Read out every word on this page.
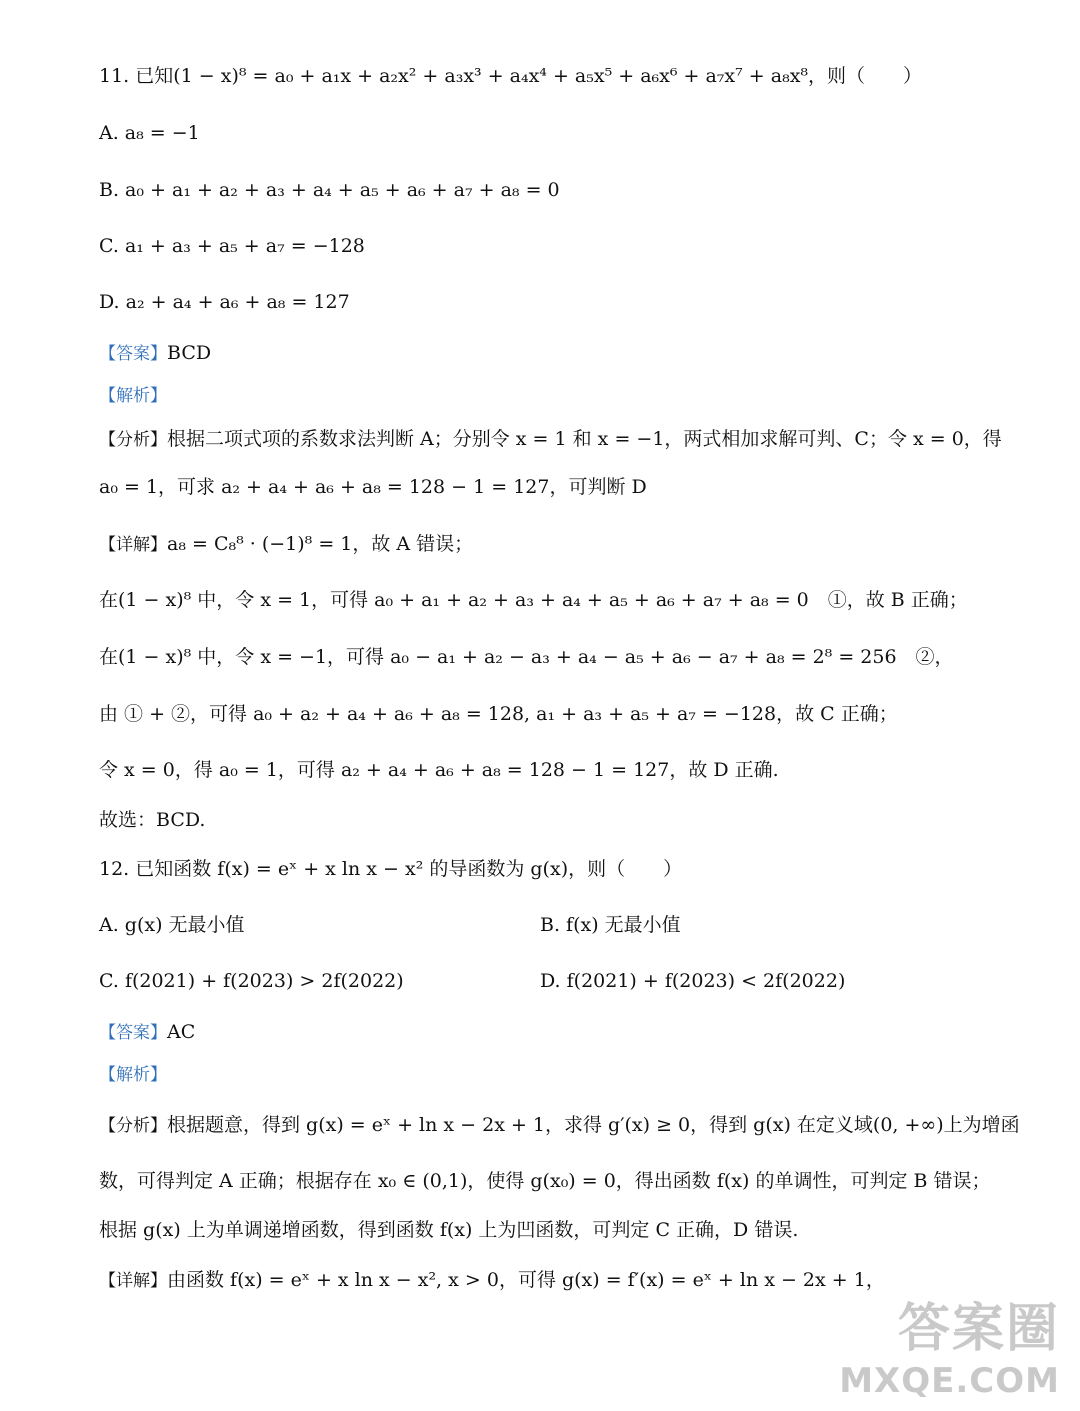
11. 已知(1 − x)⁸ = a₀ + a₁x + a₂x² + a₃x³ + a₄x⁴ + a₅x⁵ + a₆x⁶ + a₇x⁷ + a₈x⁸，则（　　）
A. a₈ = −1
B. a₀ + a₁ + a₂ + a₃ + a₄ + a₅ + a₆ + a₇ + a₈ = 0
C. a₁ + a₃ + a₅ + a₇ = −128
D. a₂ + a₄ + a₆ + a₈ = 127
【答案】BCD
【解析】
【分析】根据二项式项的系数求法判断 A；分别令 x = 1 和 x = −1，两式相加求解可判、C；令 x = 0，得
a₀ = 1，可求 a₂ + a₄ + a₆ + a₈ = 128 − 1 = 127，可判断 D
【详解】a₈ = C₈⁸ · (−1)⁸ = 1，故 A 错误；
在(1 − x)⁸ 中，令 x = 1，可得 a₀ + a₁ + a₂ + a₃ + a₄ + a₅ + a₆ + a₇ + a₈ = 0　①，故 B 正确；
在(1 − x)⁸ 中，令 x = −1，可得 a₀ − a₁ + a₂ − a₃ + a₄ − a₅ + a₆ − a₇ + a₈ = 2⁸ = 256　②，
由 ① + ②，可得 a₀ + a₂ + a₄ + a₆ + a₈ = 128, a₁ + a₃ + a₅ + a₇ = −128，故 C 正确；
令 x = 0，得 a₀ = 1，可得 a₂ + a₄ + a₆ + a₈ = 128 − 1 = 127，故 D 正确.
故选：BCD.
12. 已知函数 f(x) = eˣ + x ln x − x² 的导函数为 g(x)，则（　　）
A. g(x) 无最小值	B. f(x) 无最小值
C. f(2021) + f(2023) > 2f(2022)	D. f(2021) + f(2023) < 2f(2022)
【答案】AC
【解析】
【分析】根据题意，得到 g(x) = eˣ + ln x − 2x + 1，求得 g′(x) ≥ 0，得到 g(x) 在定义域(0, +∞)上为增函
数，可得判定 A 正确；根据存在 x₀ ∈ (0,1)，使得 g(x₀) = 0，得出函数 f(x) 的单调性，可判定 B 错误；
根据 g(x) 上为单调递增函数，得到函数 f(x) 上为凹函数，可判定 C 正确，D 错误.
【详解】由函数 f(x) = eˣ + x ln x − x², x > 0，可得 g(x) = f′(x) = eˣ + ln x − 2x + 1，
答案圈
MXQE.COM
